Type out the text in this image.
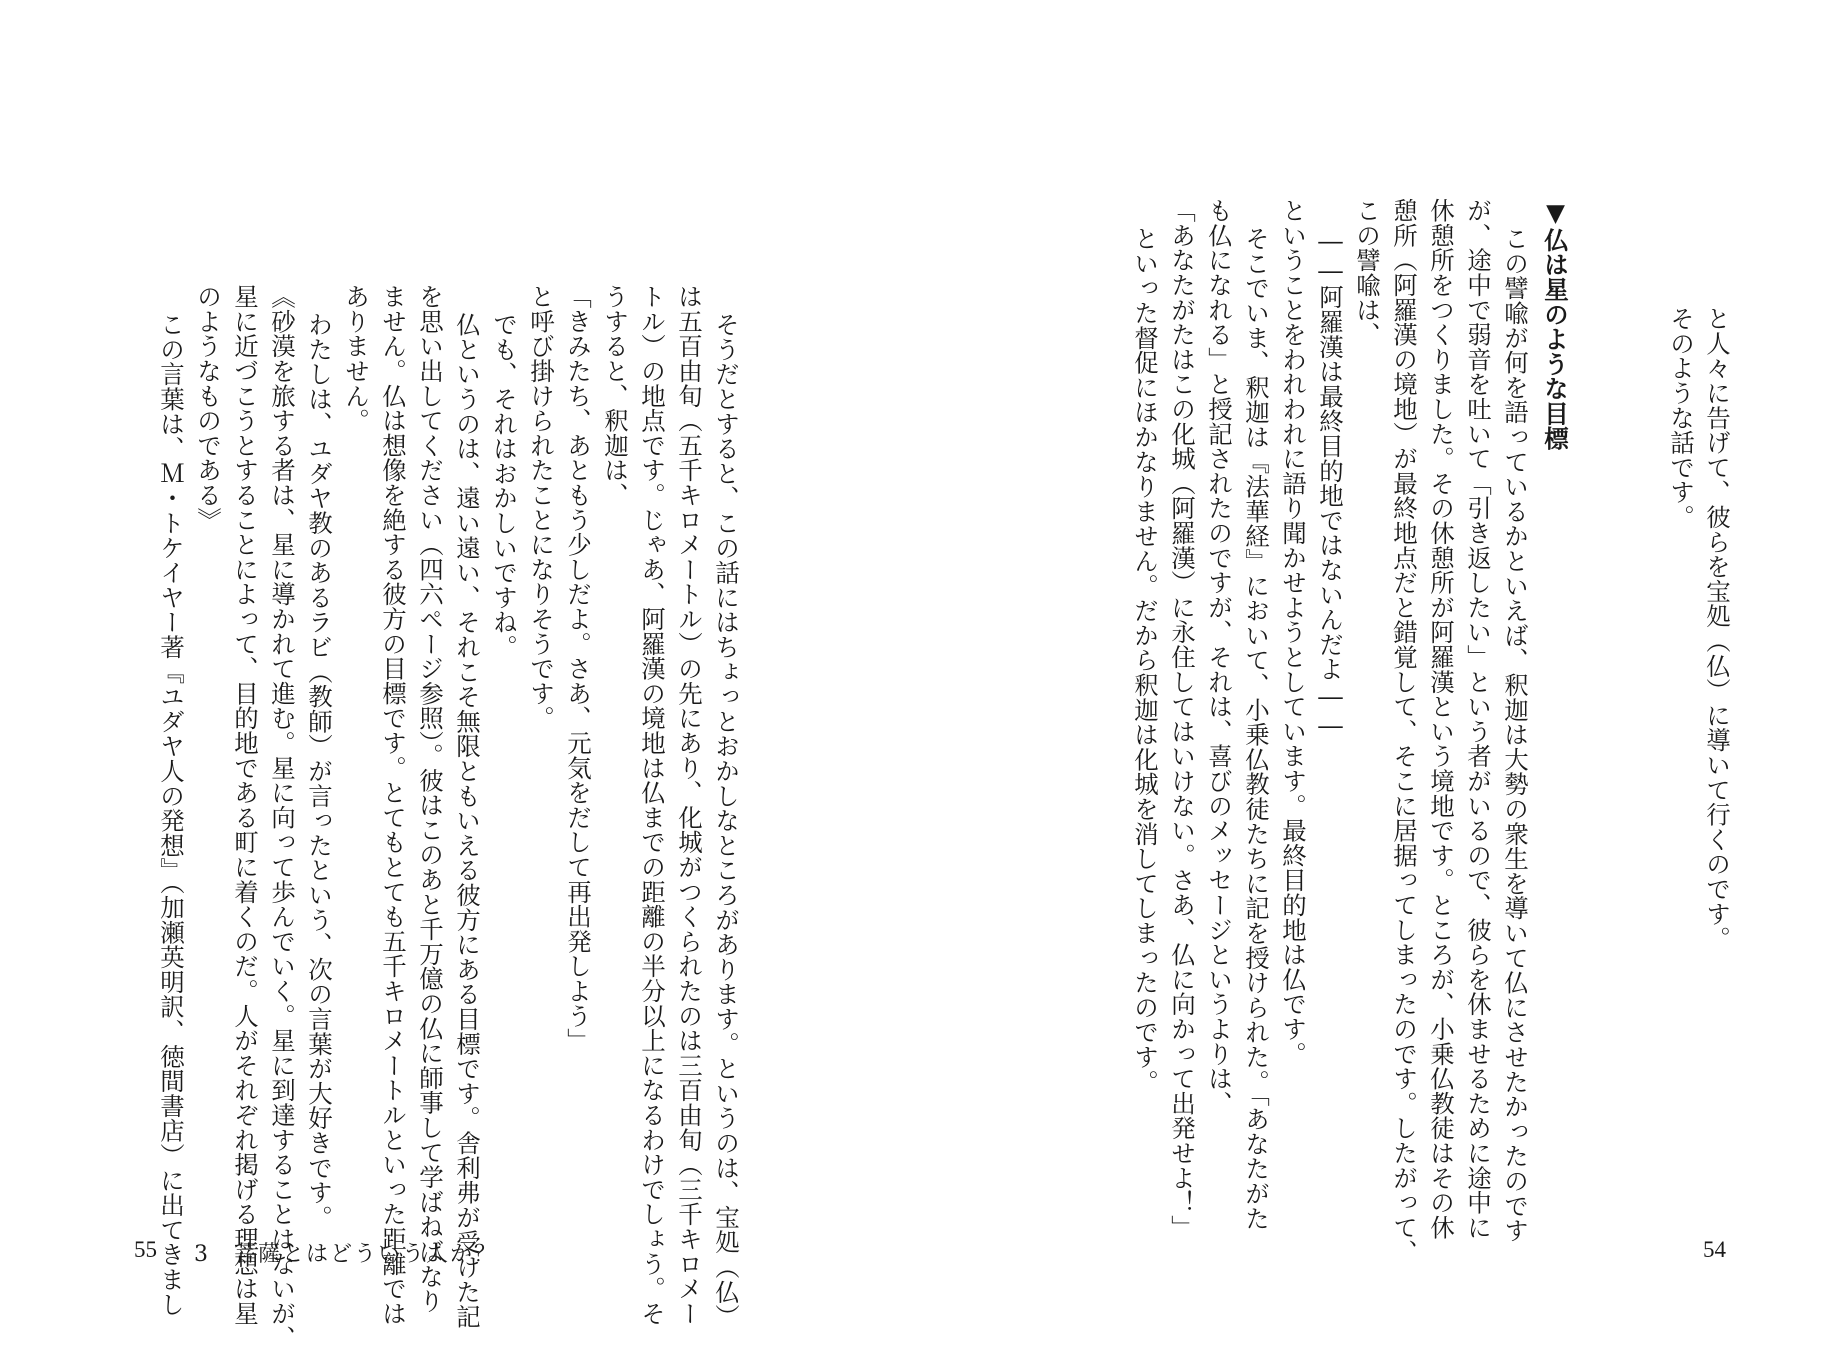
と人々に告げて、彼らを宝処（仏）に導いて行くのです。
そのような話です。
▼仏は星のような目標
この譬喩が何を語っているかといえば、釈迦は大勢の衆生を導いて仏にさせたかったのです
が、途中で弱音を吐いて「引き返したい」という者がいるので、彼らを休ませるために途中に
休憩所をつくりました。その休憩所が阿羅漢という境地です。ところが、小乗仏教徒はその休
憩所（阿羅漢の境地）が最終地点だと錯覚して、そこに居据ってしまったのです。したがって、
この譬喩は、
――阿羅漢は最終目的地ではないんだよ――
ということをわれわれに語り聞かせようとしています。最終目的地は仏です。
そこでいま、釈迦は『法華経』において、小乗仏教徒たちに記を授けられた。「あなたがた
も仏になれる」と授記されたのですが、それは、喜びのメッセージというよりは、
「あなたがたはこの化城（阿羅漢）に永住してはいけない。さあ、仏に向かって出発せよ！」
といった督促にほかなりません。だから釈迦は化城を消してしまったのです。
54
そうだとすると、この話にはちょっとおかしなところがあります。というのは、宝処（仏）
は五百由旬（五千キロメートル）の先にあり、化城がつくられたのは三百由旬（三千キロメー
トル）の地点です。じゃあ、阿羅漢の境地は仏までの距離の半分以上になるわけでしょう。そ
うすると、釈迦は、
「きみたち、あともう少しだよ。さあ、元気をだして再出発しよう」
と呼び掛けられたことになりそうです。
でも、それはおかしいですね。
仏というのは、遠い遠い、それこそ無限ともいえる彼方にある目標です。舎利弗が受けた記
を思い出してください（四六ページ参照）。彼はこのあと千万億の仏に師事して学ばねばなり
ません。仏は想像を絶する彼方の目標です。とてもとても五千キロメートルといった距離では
ありません。
わたしは、ユダヤ教のあるラビ（教師）が言ったという、次の言葉が大好きです。
《砂漠を旅する者は、星に導かれて進む。星に向って歩んでいく。星に到達することはないが、
星に近づこうとすることによって、目的地である町に着くのだ。人がそれぞれ掲げる理想は星
のようなものである》
この言葉は、Ｍ・トケイヤー著『ユダヤ人の発想』（加瀬英明訳、徳間書店）に出てきまし
55 3　菩薩とはどういう人か？
